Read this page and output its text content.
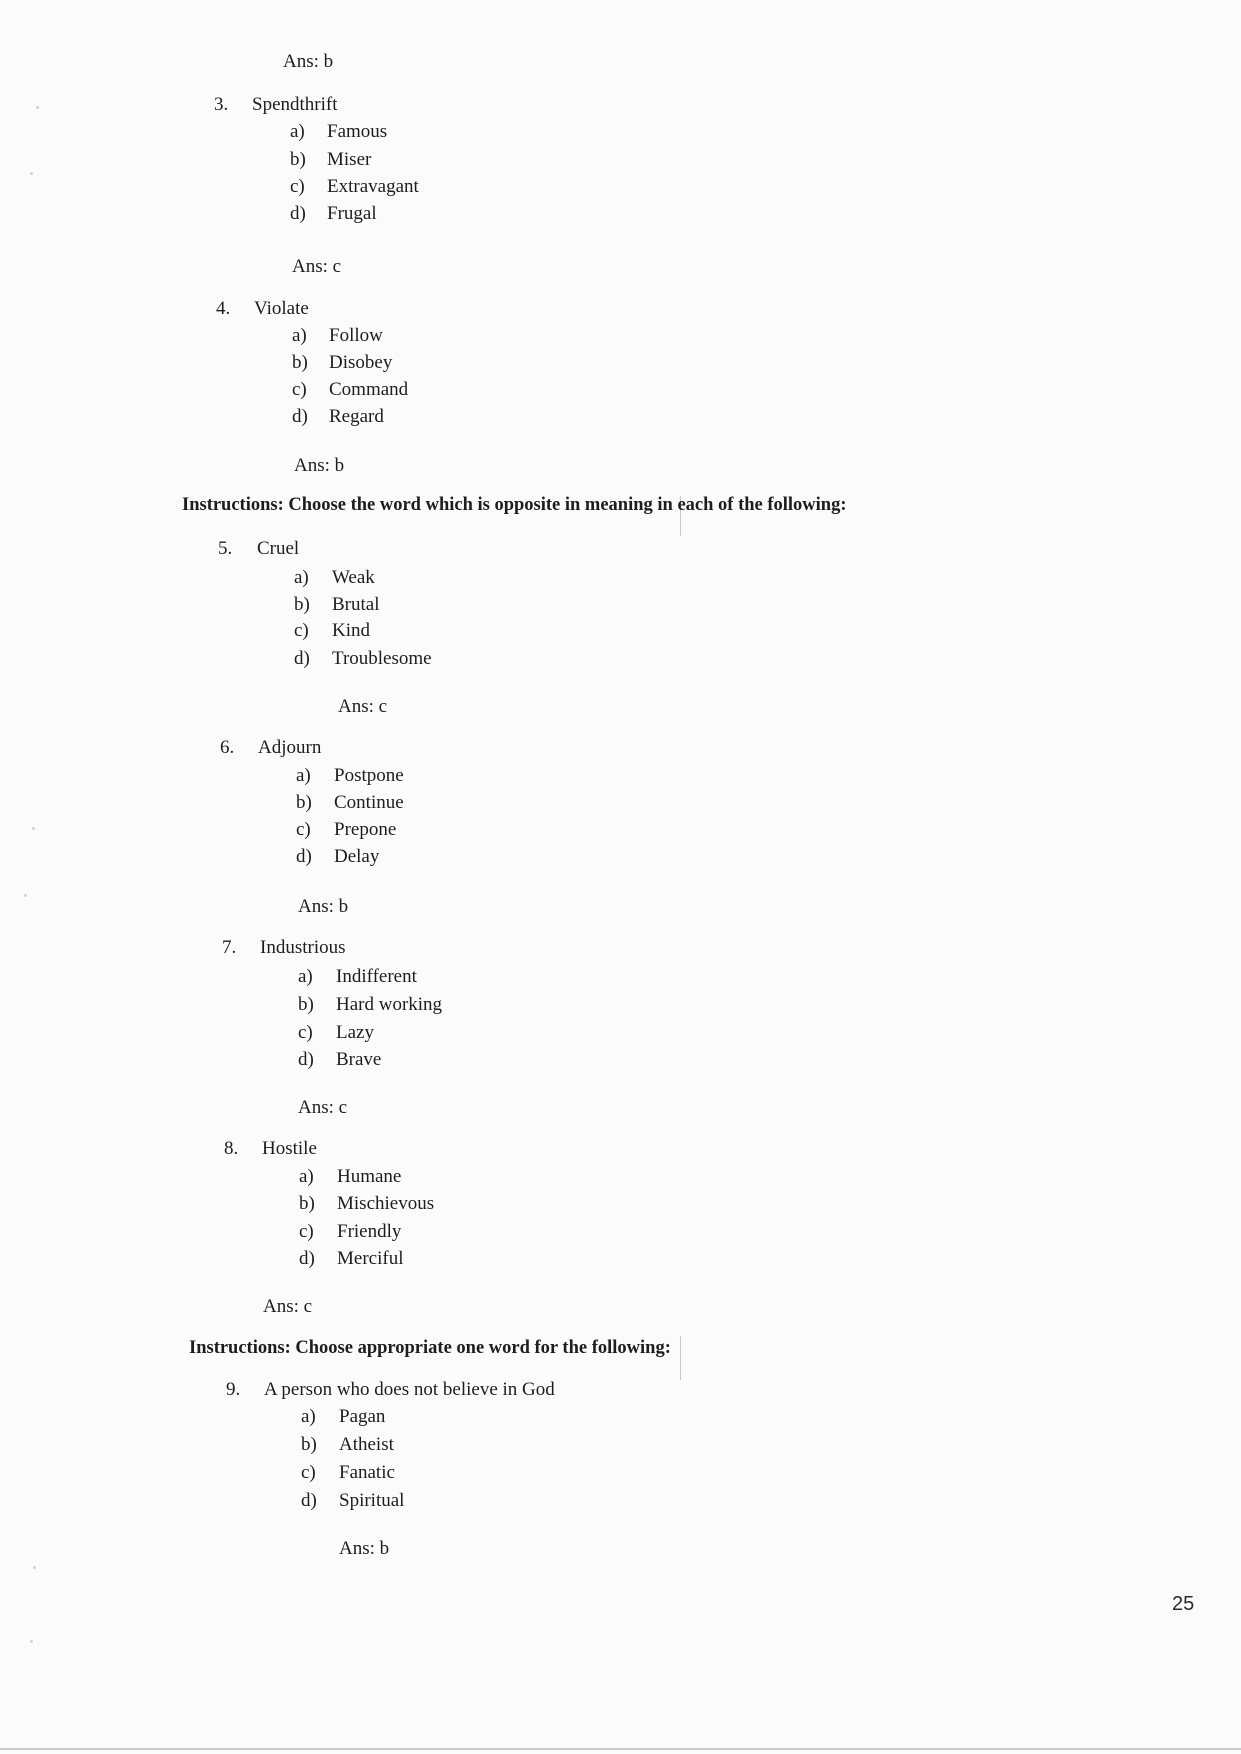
Ans: b
3. Spendthrift
a) Famous
b) Miser
c) Extravagant
d) Frugal
Ans: c
4. Violate
a) Follow
b) Disobey
c) Command
d) Regard
Ans: b
Instructions: Choose the word which is opposite in meaning in each of the following:
5. Cruel
a) Weak
b) Brutal
c) Kind
d) Troublesome
Ans: c
6. Adjourn
a) Postpone
b) Continue
c) Prepone
d) Delay
Ans: b
7. Industrious
a) Indifferent
b) Hard working
c) Lazy
d) Brave
Ans: c
8. Hostile
a) Humane
b) Mischievous
c) Friendly
d) Merciful
Ans: c
Instructions: Choose appropriate one word for the following:
9. A person who does not believe in God
a) Pagan
b) Atheist
c) Fanatic
d) Spiritual
Ans: b
25
